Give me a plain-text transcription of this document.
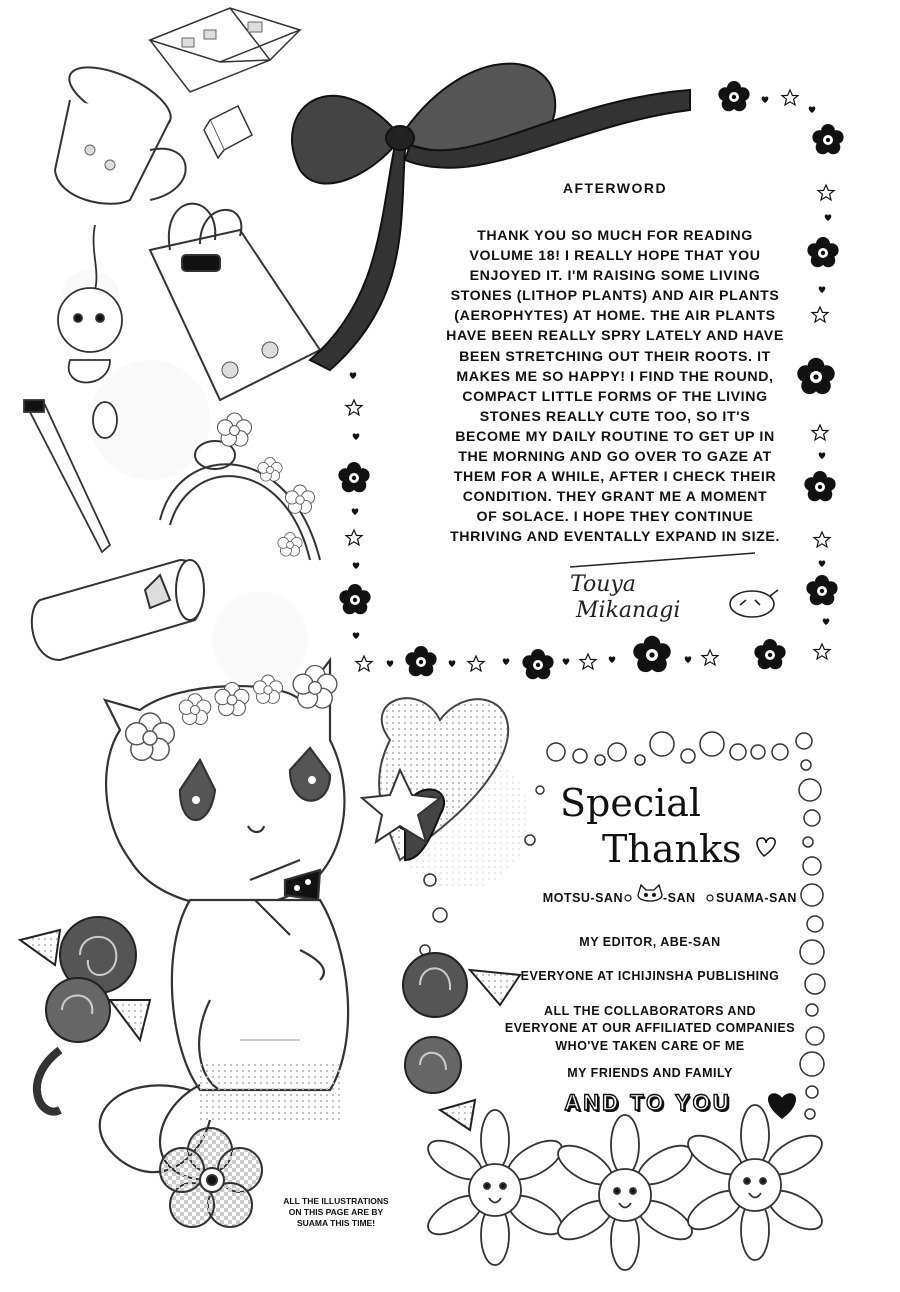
AFTERWORD
THANK YOU SO MUCH FOR READING
VOLUME 18! I REALLY HOPE THAT YOU
ENJOYED IT. I'M RAISING SOME LIVING
STONES (LITHOP PLANTS) AND AIR PLANTS
(AEROPHYTES) AT HOME. THE AIR PLANTS
HAVE BEEN REALLY SPRY LATELY AND HAVE
BEEN STRETCHING OUT THEIR ROOTS. IT
MAKES ME SO HAPPY! I FIND THE ROUND,
COMPACT LITTLE FORMS OF THE LIVING
STONES REALLY CUTE TOO, SO IT'S
BECOME MY DAILY ROUTINE TO GET UP IN
THE MORNING AND GO OVER TO GAZE AT
THEM FOR A WHILE, AFTER I CHECK THEIR
CONDITION. THEY GRANT ME A MOMENT
OF SOLACE. I HOPE THEY CONTINUE
THRIVING AND EVENTALLY EXPAND IN SIZE.
Touya
Mikanagi
Special
Thanks
MOTSU-SAN	-SAN	SUAMA-SAN
MY EDITOR, ABE-SAN
EVERYONE AT ICHIJINSHA PUBLISHING
ALL THE COLLABORATORS AND
EVERYONE AT OUR AFFILIATED COMPANIES
WHO'VE TAKEN CARE OF ME
MY FRIENDS AND FAMILY
AND TO YOU
ALL THE ILLUSTRATIONS
ON THIS PAGE ARE BY
SUAMA THIS TIME!
